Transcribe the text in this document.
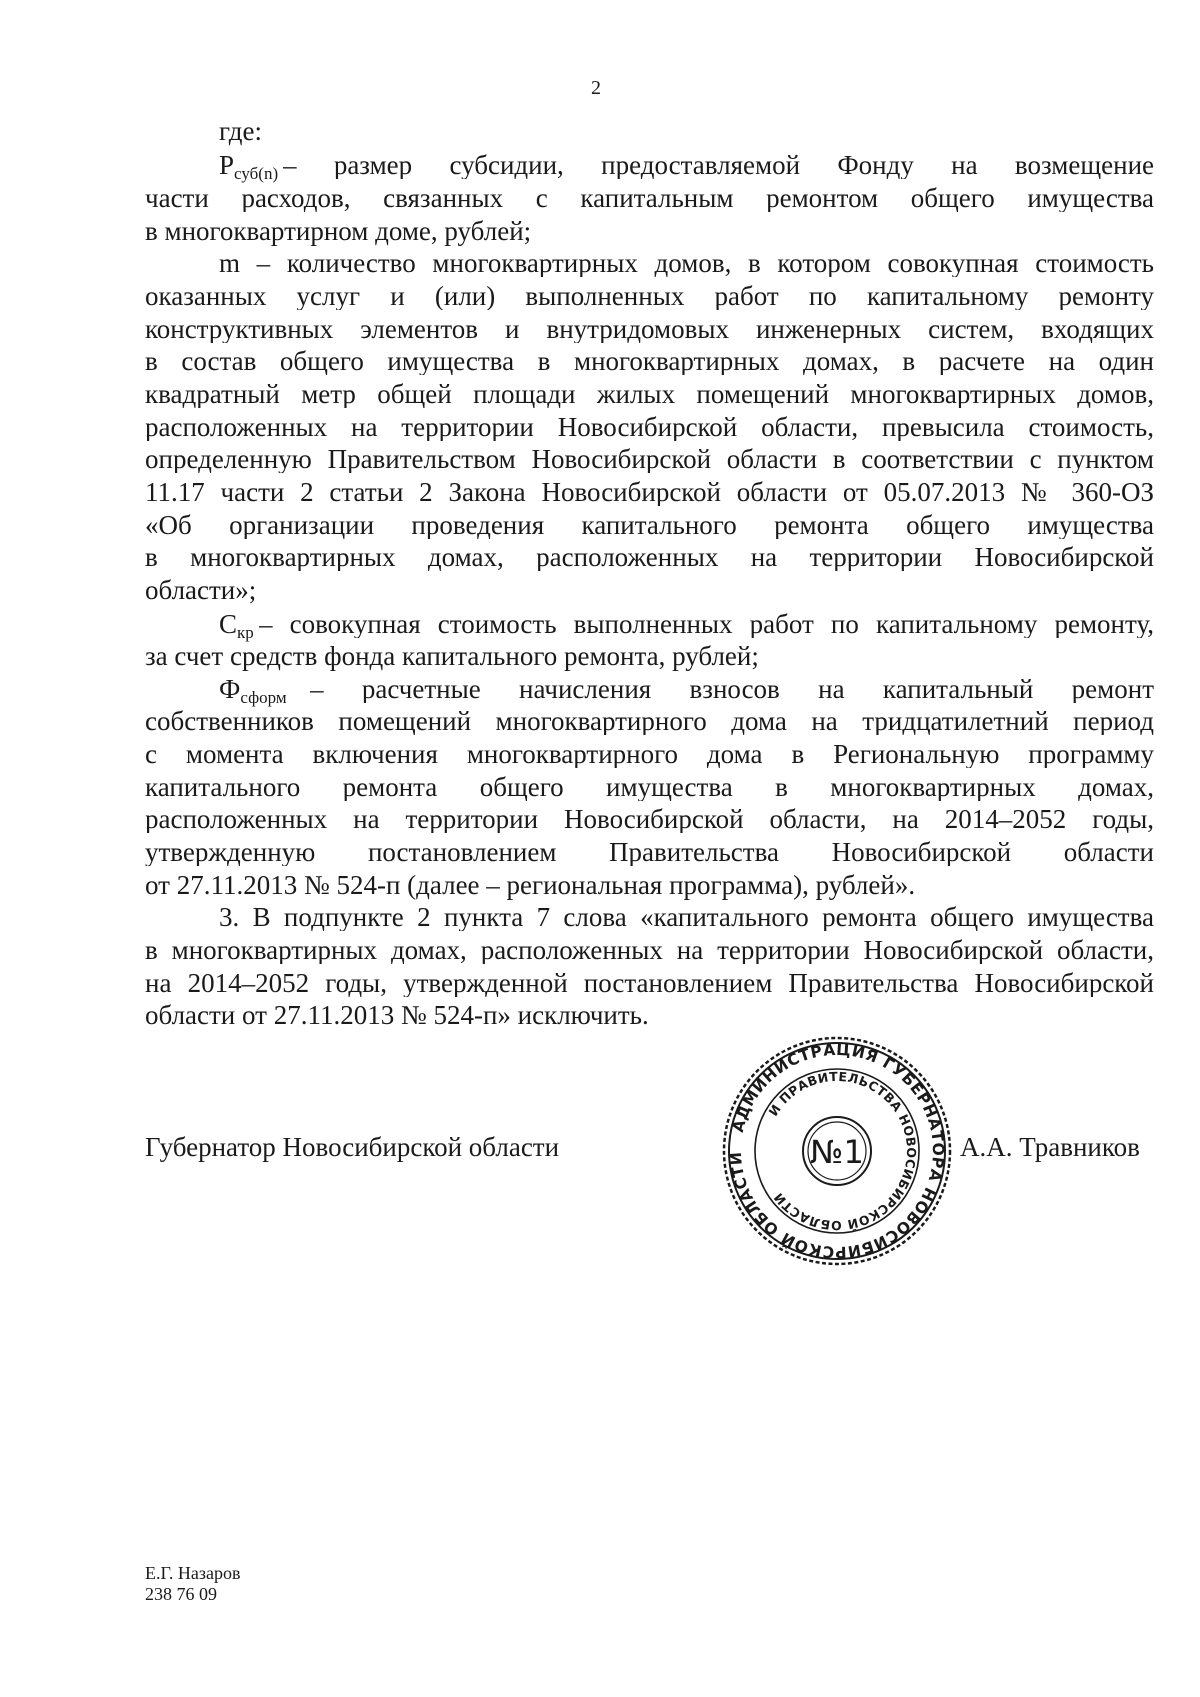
2
где:
$Р_{суб(n)}$ – размер субсидии, предоставляемой Фонду на возмещение
части расходов, связанных с капитальным ремонтом общего имущества
в многоквартирном доме, рублей;
m – количество многоквартирных домов, в котором совокупная стоимость
оказанных услуг и (или) выполненных работ по капитальному ремонту
конструктивных элементов и внутридомовых инженерных систем, входящих
в состав общего имущества в многоквартирных домах, в расчете на один
квадратный метр общей площади жилых помещений многоквартирных домов,
расположенных на территории Новосибирской области, превысила стоимость,
определенную Правительством Новосибирской области в соответствии с пунктом
11.17 части 2 статьи 2 Закона Новосибирской области от 05.07.2013 № 360-ОЗ
«Об организации проведения капитального ремонта общего имущества
в многоквартирных домах, расположенных на территории Новосибирской
области»;
$С_{кр}$ – совокупная стоимость выполненных работ по капитальному ремонту,
за счет средств фонда капитального ремонта, рублей;
$Ф_{сформ}$ – расчетные начисления взносов на капитальный ремонт
собственников помещений многоквартирного дома на тридцатилетний период
с момента включения многоквартирного дома в Региональную программу
капитального ремонта общего имущества в многоквартирных домах,
расположенных на территории Новосибирской области, на 2014–2052 годы,
утвержденную постановлением Правительства Новосибирской области
от 27.11.2013 № 524-п (далее – региональная программа), рублей».
3. В подпункте 2 пункта 7 слова «капитального ремонта общего имущества
в многоквартирных домах, расположенных на территории Новосибирской области,
на 2014–2052 годы, утвержденной постановлением Правительства Новосибирской
области от 27.11.2013 № 524-п» исключить.
Губернатор Новосибирской области	А.А. Травников
АДМИНИСТРАЦИЯ ГУБЕРНАТОРА НОВОСИБИРСКОЙ ОБЛАСТИ
И ПРАВИТЕЛЬСТВА НОВОСИБИРСКОЙ ОБЛАСТИ
№1
Е.Г. Назаров
238 76 09
